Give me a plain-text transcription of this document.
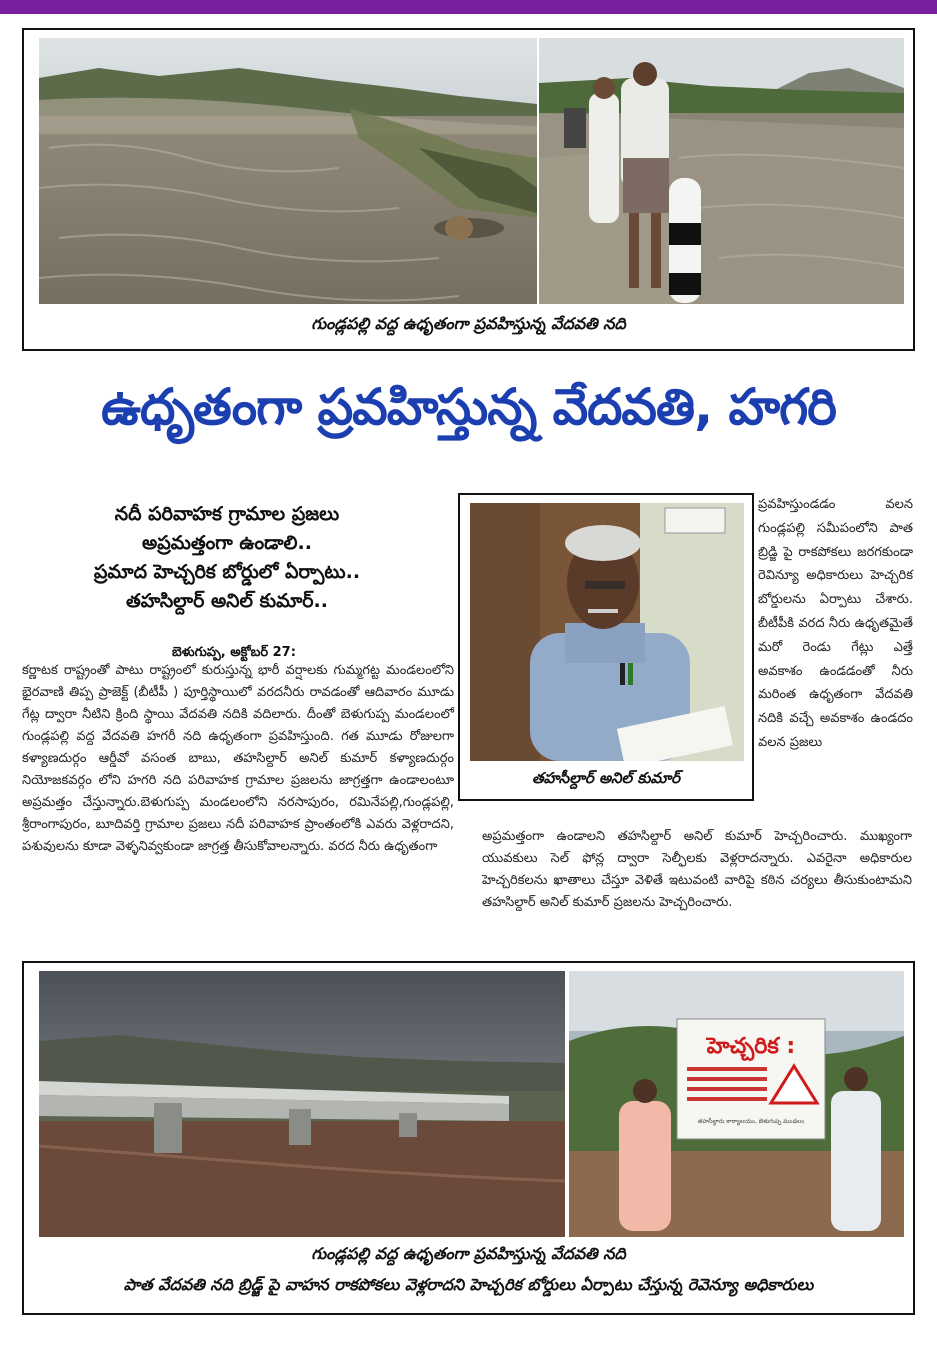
గుండ్లపల్లి వద్ద ఉధృతంగా ప్రవహిస్తున్న వేదవతి నది
ఉధృతంగా ప్రవహిస్తున్న వేదవతి, హగరి
నదీ పరివాహక గ్రామాల ప్రజలు
అప్రమత్తంగా ఉండాలి..
ప్రమాద హెచ్చరిక బోర్డులో ఏర్పాటు..
తహసిల్దార్ అనిల్ కుమార్..
బెళుగుప్ప, అక్టోబర్ 27:
కర్ణాటక రాష్ట్రంతో పాటు రాష్ట్రంలో కురుస్తున్న భారీ వర్షాలకు గుమ్మగట్ట మండలంలోని భైరవాణి తిప్ప ప్రాజెక్ట్ (బీటీపీ ) పూర్తిస్థాయిలో వరదనీరు రావడంతో ఆదివారం మూడు గేట్ల ద్వారా నీటిని క్రింది స్థాయి వేదవతి నదికి వదిలారు. దీంతో బెళుగుప్ప మండలంలో గుండ్లపల్లి వద్ద వేదవతి హగరీ నది ఉధృతంగా ప్రవహిస్తుంది. గత మూడు రోజులగా కళ్యాణదుర్గం ఆర్డీవో వసంత బాబు, తహసిల్దార్ అనిల్ కుమార్ కళ్యాణదుర్గం నియోజకవర్గం లోని హగరి నది పరివాహక గ్రామాల ప్రజలను జాగ్రత్తగా ఉండాలంటూ అప్రమత్తం చేస్తున్నారు.బెళుగుప్ప మండలంలోని నరసాపురం, రమినేపల్లి,గుండ్లపల్లి, శ్రీరాంగాపురం, బూదివర్తి గ్రామాల ప్రజలు నదీ పరివాహక ప్రాంతంలోకి ఎవరు వెళ్లరాదని, పశువులను కూడా వెళ్ళనివ్వకుండా జాగ్రత్త తీసుకోవాలన్నారు. వరద నీరు ఉధృతంగా
తహసీల్దార్ అనిల్ కుమార్
ప్రవహిస్తుండడం వలన గుండ్లపల్లి సమీపంలోని పాత బ్రిడ్జి పై రాకపోకలు జరగకుండా రెవిన్యూ అధికారులు హెచ్చరిక బోర్డులను ఏర్పాటు చేశారు. బీటీపీకి వరద నీరు ఉధృతమైతే మరో రెండు గేట్లు ఎత్తే అవకాశం ఉండడంతో నీరు మరింత ఉధృతంగా వేదవతి నదికి వచ్చే అవకాశం ఉండదం వలన ప్రజలు
అప్రమత్తంగా ఉండాలని తహసిల్దార్ అనిల్ కుమార్ హెచ్చరించారు. ముఖ్యంగా యువకులు సెల్ ఫోన్ల ద్వారా సెల్ఫీలకు వెళ్లరాదన్నారు. ఎవరైనా అధికారుల హెచ్చరికలను ఖాతాలు చేస్తూ వెళితే ఇటువంటి వారిపై కఠిన చర్యలు తీసుకుంటామని తహసిల్దార్ అనిల్ కుమార్ ప్రజలను హెచ్చరించారు.
హెచ్చరిక :
తహసీల్దారు కార్యాలయం, బెళుగుప్ప మండలం
గుండ్లపల్లి వద్ద ఉధృతంగా ప్రవహిస్తున్న వేదవతి నది
పాత వేదవతి నది బ్రిడ్జ్ పై వాహన రాకపోకలు వెళ్లరాదని హెచ్చరిక బోర్డులు ఏర్పాటు చేస్తున్న రెవెన్యూ అధికారులు
